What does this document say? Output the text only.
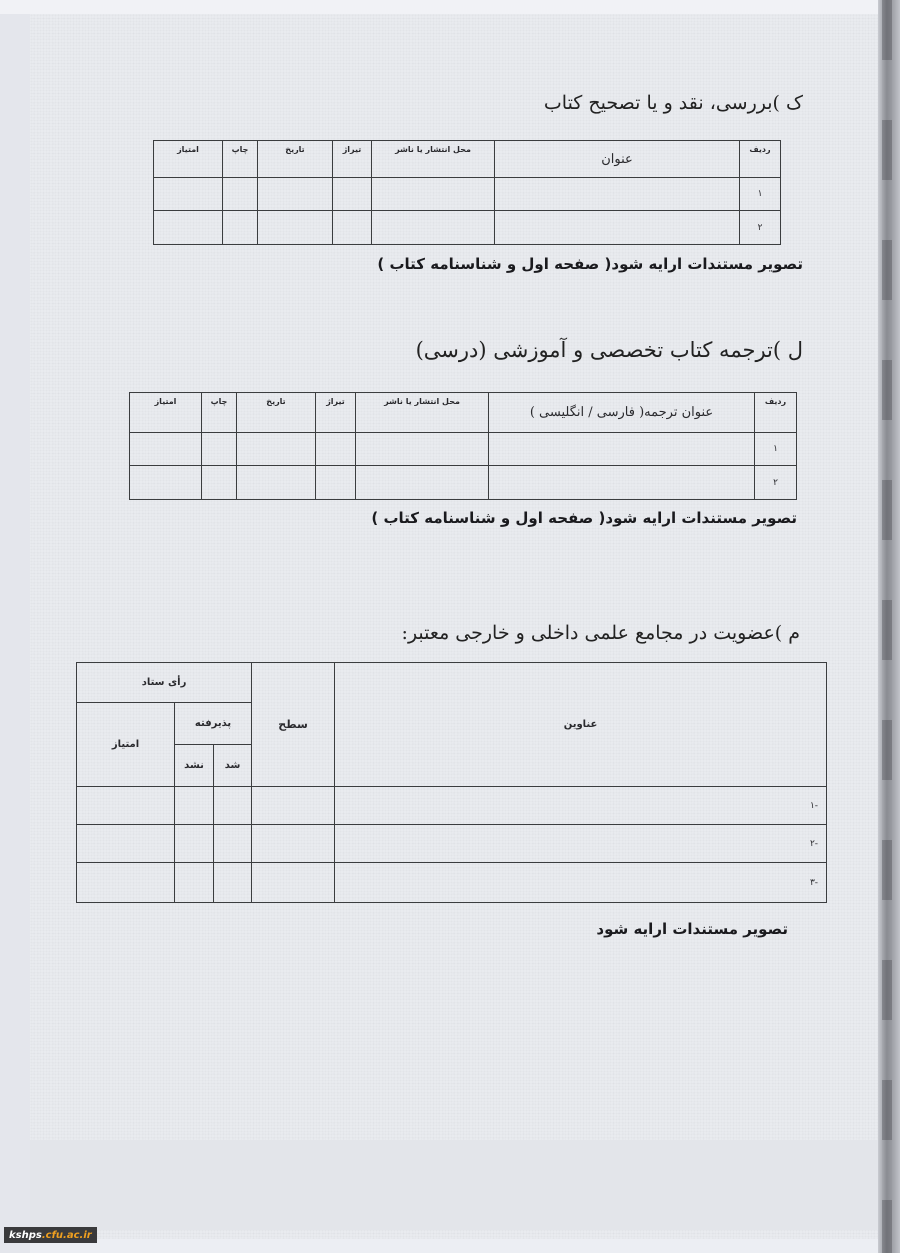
ک )بررسی، نقد و یا تصحیح کتاب
ردیف	عنوان	محل انتشار یا ناشر	تیراژ	تاریخ	چاپ	امتیاز
۱						
۲						
تصویر مستندات ارایه شود( صفحه اول و شناسنامه کتاب )
ل )ترجمه کتاب تخصصی و آموزشی (درسی)
ردیف	عنوان ترجمه( فارسی / انگلیسی )	محل انتشار یا ناشر	تیراژ	تاریخ	چاپ	امتیاز
۱						
۲						
تصویر مستندات ارایه شود( صفحه اول و شناسنامه کتاب )
م )عضویت در مجامع علمی داخلی و خارجی معتبر:
عناوین	سطح	رأی ستاد		
		پذیرفته		امتیاز
		شد	نشد	
-۱				
-۲				
-۳				
تصویر مستندات ارایه شود
kshps .cfu.ac.ir
